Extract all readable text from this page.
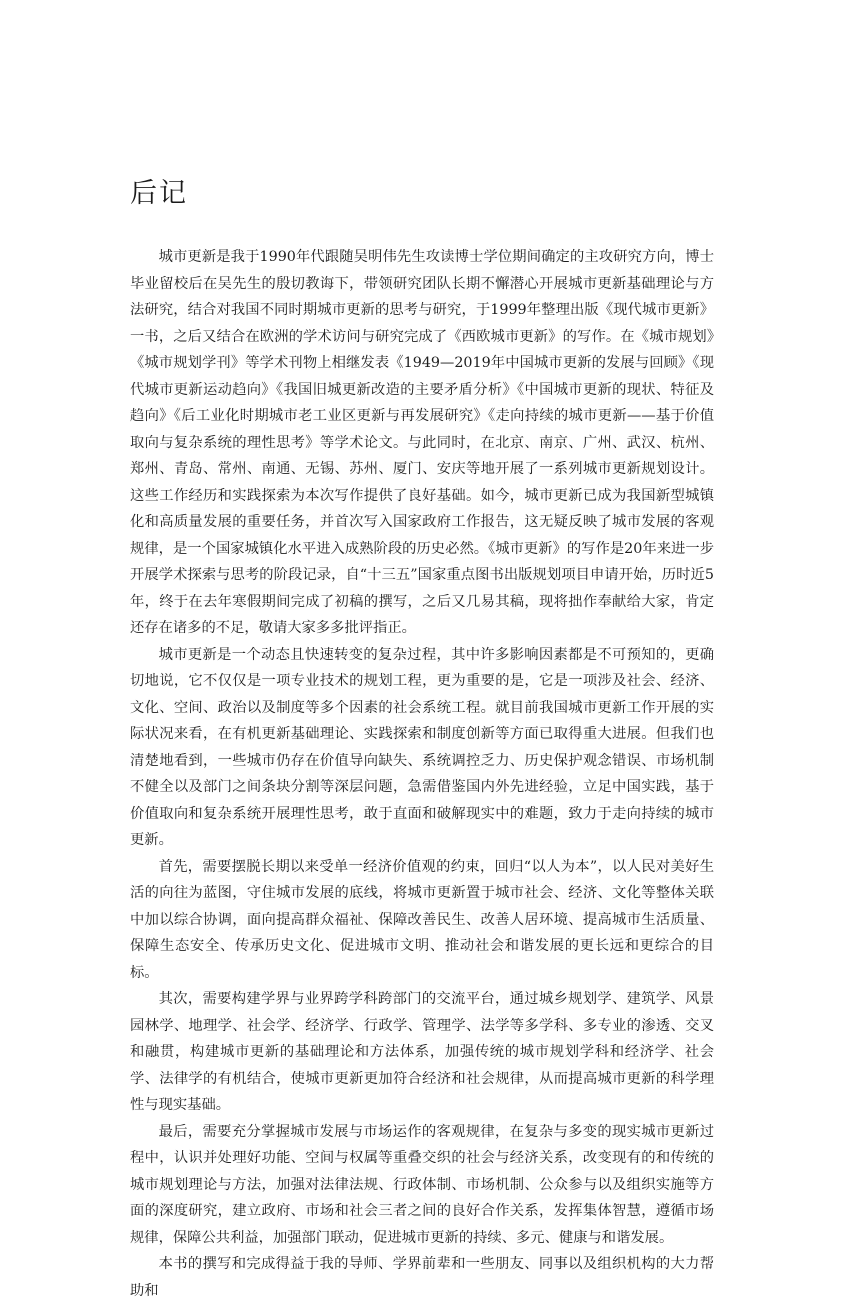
后记

城市更新是我于1990年代跟随吴明伟先生攻读博士学位期间确定的主攻研究方向，博士毕业留校后在吴先生的殷切教诲下，带领研究团队长期不懈潜心开展城市更新基础理论与方法研究，结合对我国不同时期城市更新的思考与研究，于1999年整理出版《现代城市更新》一书，之后又结合在欧洲的学术访问与研究完成了《西欧城市更新》的写作。在《城市规划》《城市规划学刊》等学术刊物上相继发表《1949—2019年中国城市更新的发展与回顾》《现代城市更新运动趋向》《我国旧城更新改造的主要矛盾分析》《中国城市更新的现状、特征及趋向》《后工业化时期城市老工业区更新与再发展研究》《走向持续的城市更新——基于价值取向与复杂系统的理性思考》等学术论文。与此同时，在北京、南京、广州、武汉、杭州、郑州、青岛、常州、南通、无锡、苏州、厦门、安庆等地开展了一系列城市更新规划设计。这些工作经历和实践探索为本次写作提供了良好基础。如今，城市更新已成为我国新型城镇化和高质量发展的重要任务，并首次写入国家政府工作报告，这无疑反映了城市发展的客观规律，是一个国家城镇化水平进入成熟阶段的历史必然。《城市更新》的写作是20年来进一步开展学术探索与思考的阶段记录，自“十三五”国家重点图书出版规划项目申请开始，历时近5年，终于在去年寒假期间完成了初稿的撰写，之后又几易其稿，现将拙作奉献给大家，肯定还存在诸多的不足，敬请大家多多批评指正。

城市更新是一个动态且快速转变的复杂过程，其中许多影响因素都是不可预知的，更确切地说，它不仅仅是一项专业技术的规划工程，更为重要的是，它是一项涉及社会、经济、文化、空间、政治以及制度等多个因素的社会系统工程。就目前我国城市更新工作开展的实际状况来看，在有机更新基础理论、实践探索和制度创新等方面已取得重大进展。但我们也清楚地看到，一些城市仍存在价值导向缺失、系统调控乏力、历史保护观念错误、市场机制不健全以及部门之间条块分割等深层问题，急需借鉴国内外先进经验，立足中国实践，基于价值取向和复杂系统开展理性思考，敢于直面和破解现实中的难题，致力于走向持续的城市更新。

首先，需要摆脱长期以来受单一经济价值观的约束，回归“以人为本”，以人民对美好生活的向往为蓝图，守住城市发展的底线，将城市更新置于城市社会、经济、文化等整体关联中加以综合协调，面向提高群众福祉、保障改善民生、改善人居环境、提高城市生活质量、保障生态安全、传承历史文化、促进城市文明、推动社会和谐发展的更长远和更综合的目标。

其次，需要构建学界与业界跨学科跨部门的交流平台，通过城乡规划学、建筑学、风景园林学、地理学、社会学、经济学、行政学、管理学、法学等多学科、多专业的渗透、交叉和融贯，构建城市更新的基础理论和方法体系，加强传统的城市规划学科和经济学、社会学、法律学的有机结合，使城市更新更加符合经济和社会规律，从而提高城市更新的科学理性与现实基础。

最后，需要充分掌握城市发展与市场运作的客观规律，在复杂与多变的现实城市更新过程中，认识并处理好功能、空间与权属等重叠交织的社会与经济关系，改变现有的和传统的城市规划理论与方法，加强对法律法规、行政体制、市场机制、公众参与以及组织实施等方面的深度研究，建立政府、市场和社会三者之间的良好合作关系，发挥集体智慧，遵循市场规律，保障公共利益，加强部门联动，促进城市更新的持续、多元、健康与和谐发展。

本书的撰写和完成得益于我的导师、学界前辈和一些朋友、同事以及组织机构的大力帮助和
